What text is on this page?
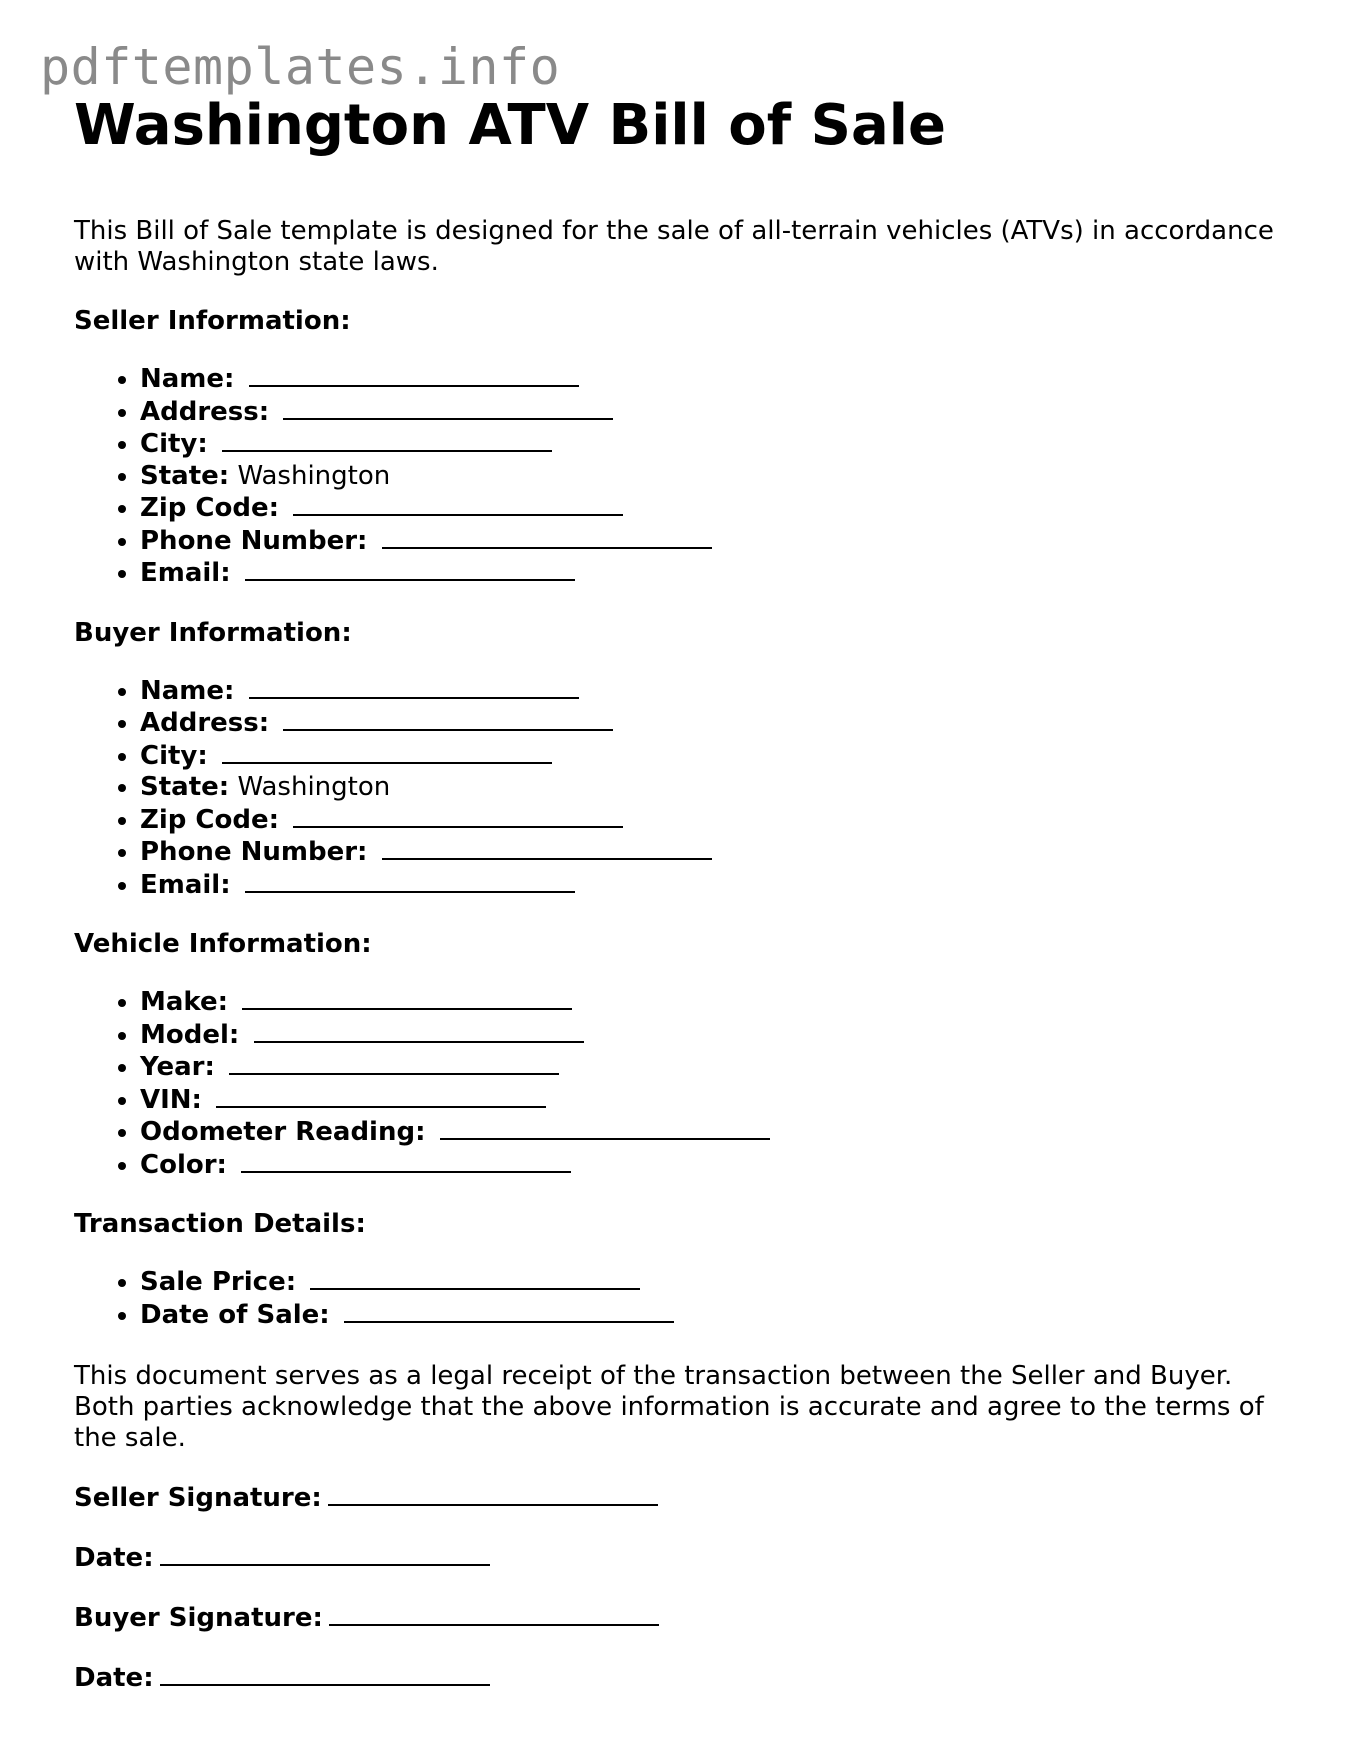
pdftemplates.info
Washington ATV Bill of Sale

This Bill of Sale template is designed for the sale of all-terrain vehicles (ATVs) in accordance with Washington state laws.

Seller Information:
• Name:
• Address:
• City:
• State: Washington
• Zip Code:
• Phone Number:
• Email:
Buyer Information:
• Name:
• Address:
• City:
• State: Washington
• Zip Code:
• Phone Number:
• Email:
Vehicle Information:
• Make:
• Model:
• Year:
• VIN:
• Odometer Reading:
• Color:
Transaction Details:
• Sale Price:
• Date of Sale:

This document serves as a legal receipt of the transaction between the Seller and Buyer. Both parties acknowledge that the above information is accurate and agree to the terms of the sale.

Seller Signature:
Date:
Buyer Signature:
Date:
